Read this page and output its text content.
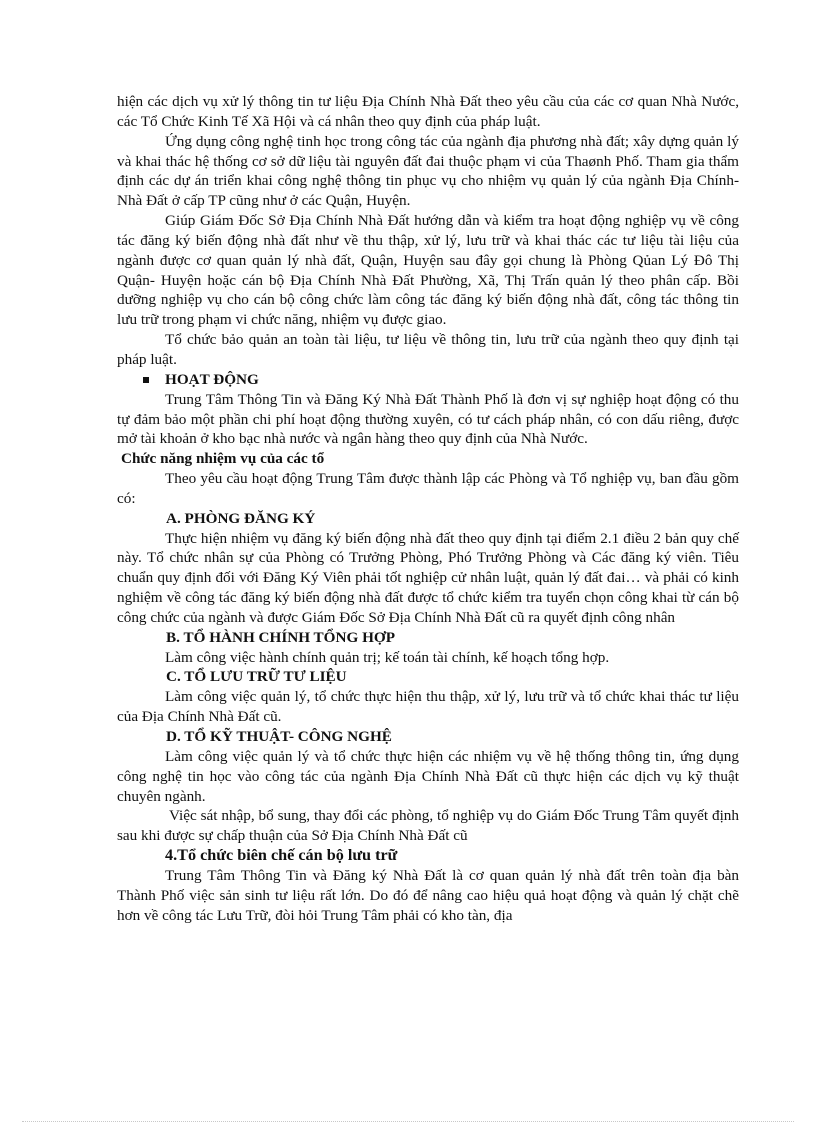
hiện các dịch vụ xử lý thông tin tư liệu Địa Chính Nhà Đất theo yêu cầu của các cơ quan Nhà Nước, các Tổ Chức Kinh Tế Xã Hội và cá nhân theo quy định của pháp luật.

Ứng dụng công nghệ tinh học trong công tác của ngành địa phương nhà đất; xây dựng quản lý và khai thác hệ thống cơ sở dữ liệu tài nguyên đất đai thuộc phạm vi của Thaønh Phố. Tham gia thẩm định các dự án triển khai công nghệ thông tin phục vụ cho nhiệm vụ quản lý của ngành Địa Chính- Nhà Đất ở cấp TP cũng như ở các Quận, Huyện.

Giúp Giám Đốc Sở Địa Chính Nhà Đất hướng dẫn và kiểm tra hoạt động nghiệp vụ về công tác đăng ký biến động nhà đất như về thu thập, xử lý, lưu trữ và khai thác các tư liệu tài liệu của ngành được cơ quan quản lý nhà đất, Quận, Huyện sau đây gọi chung là Phòng Qủan Lý Đô Thị Quận- Huyện hoặc cán bộ Địa Chính Nhà Đất Phường, Xã, Thị Trấn quản lý theo phân cấp. Bồi dưỡng nghiệp vụ cho cán bộ công chức làm công tác đăng ký biến động nhà đất, công tác thông tin lưu trữ trong phạm vi chức năng, nhiệm vụ được giao.

Tổ chức bảo quản an toàn tài liệu, tư liệu về thông tin, lưu trữ của ngành theo quy định tại pháp luật.

HOẠT ĐỘNG

Trung Tâm Thông Tin và Đăng Ký Nhà Đất Thành Phố là đơn vị sự nghiệp hoạt động có thu tự đảm bảo một phần chi phí hoạt động thường xuyên, có tư cách pháp nhân, có con dấu riêng, được mở tài khoản ở kho bạc nhà nước và ngân hàng theo quy định của Nhà Nước.

Chức năng nhiệm vụ của các tổ

Theo yêu cầu hoạt động Trung Tâm được thành lập các Phòng và Tổ nghiệp vụ, ban đầu gồm có:

A. PHÒNG ĐĂNG KÝ

Thực hiện nhiệm vụ đăng ký biến động nhà đất theo quy định tại điểm 2.1 điều 2 bản quy chế này. Tổ chức nhân sự của Phòng có Trưởng Phòng, Phó Trưởng Phòng và Các đăng ký viên. Tiêu chuẩn quy định đối với Đăng Ký Viên phải tốt nghiệp cử nhân luật, quản lý đất đai… và phải có kinh nghiệm về công tác đăng ký biến động nhà đất được tổ chức kiểm tra tuyển chọn công khai từ cán bộ công chức của ngành và được Giám Đốc Sở Địa Chính Nhà Đất cũ ra quyết định công nhân

B. TỔ HÀNH CHÍNH TỔNG HỢP

Làm công việc hành chính quản trị; kế toán tài chính, kế hoạch tổng hợp.

C. TỔ LƯU TRỮ TƯ LIỆU

Làm công việc quản lý, tổ chức thực hiện thu thập, xử lý, lưu trữ và tổ chức khai thác tư liệu của Địa Chính Nhà Đất cũ.

D. TỔ KỸ THUẬT- CÔNG NGHỆ

Làm công việc quản lý và tổ chức thực hiện các nhiệm vụ về hệ thống thông tin, ứng dụng công nghệ tin học vào công tác của ngành Địa Chính Nhà Đất cũ thực hiện các dịch vụ kỹ thuật chuyên ngành.

Việc sát nhập, bổ sung, thay đổi các phòng, tổ nghiệp vụ do Giám Đốc Trung Tâm quyết định sau khi được sự chấp thuận của Sở Địa Chính Nhà Đất cũ

4.Tổ chức biên chế cán bộ lưu trữ

Trung Tâm Thông Tin và Đăng ký Nhà Đất là cơ quan quản lý nhà đất trên toàn địa bàn Thành Phố việc sản sinh tư liệu rất lớn. Do đó để nâng cao hiệu quả hoạt động và quản lý chặt chẽ hơn về công tác Lưu Trữ, đòi hỏi Trung Tâm phải có kho tàn, địa
